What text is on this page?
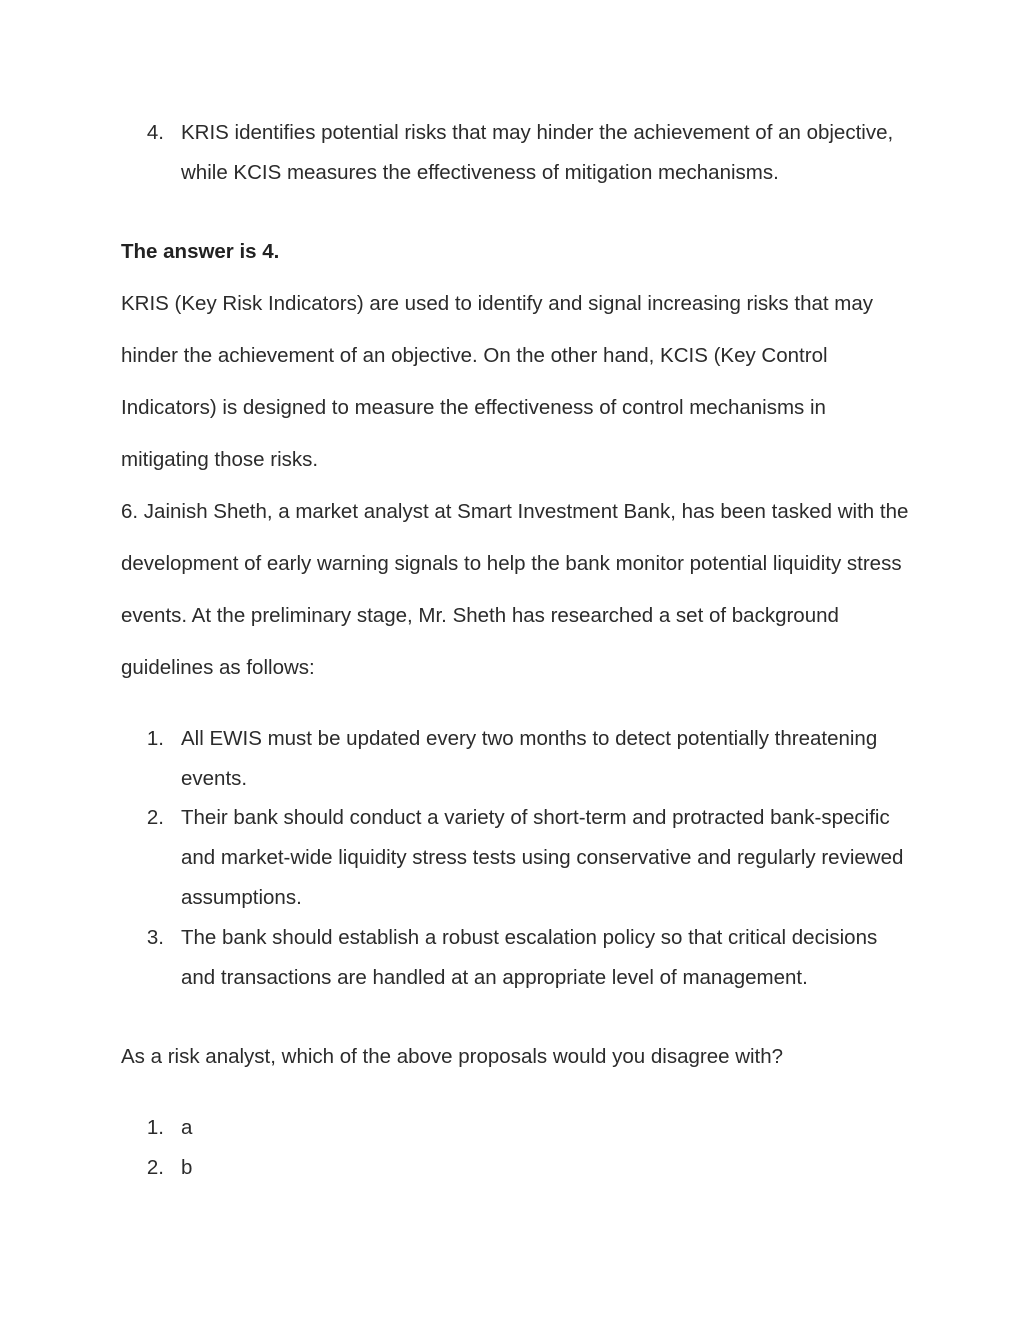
4. KRIS identifies potential risks that may hinder the achievement of an objective, while KCIS measures the effectiveness of mitigation mechanisms.
The answer is 4.
KRIS (Key Risk Indicators) are used to identify and signal increasing risks that may hinder the achievement of an objective. On the other hand, KCIS (Key Control Indicators) is designed to measure the effectiveness of control mechanisms in mitigating those risks.
6. Jainish Sheth, a market analyst at Smart Investment Bank, has been tasked with the development of early warning signals to help the bank monitor potential liquidity stress events. At the preliminary stage, Mr. Sheth has researched a set of background guidelines as follows:
1. All EWIS must be updated every two months to detect potentially threatening events.
2. Their bank should conduct a variety of short-term and protracted bank-specific and market-wide liquidity stress tests using conservative and regularly reviewed assumptions.
3. The bank should establish a robust escalation policy so that critical decisions and transactions are handled at an appropriate level of management.
As a risk analyst, which of the above proposals would you disagree with?
1. a
2. b
